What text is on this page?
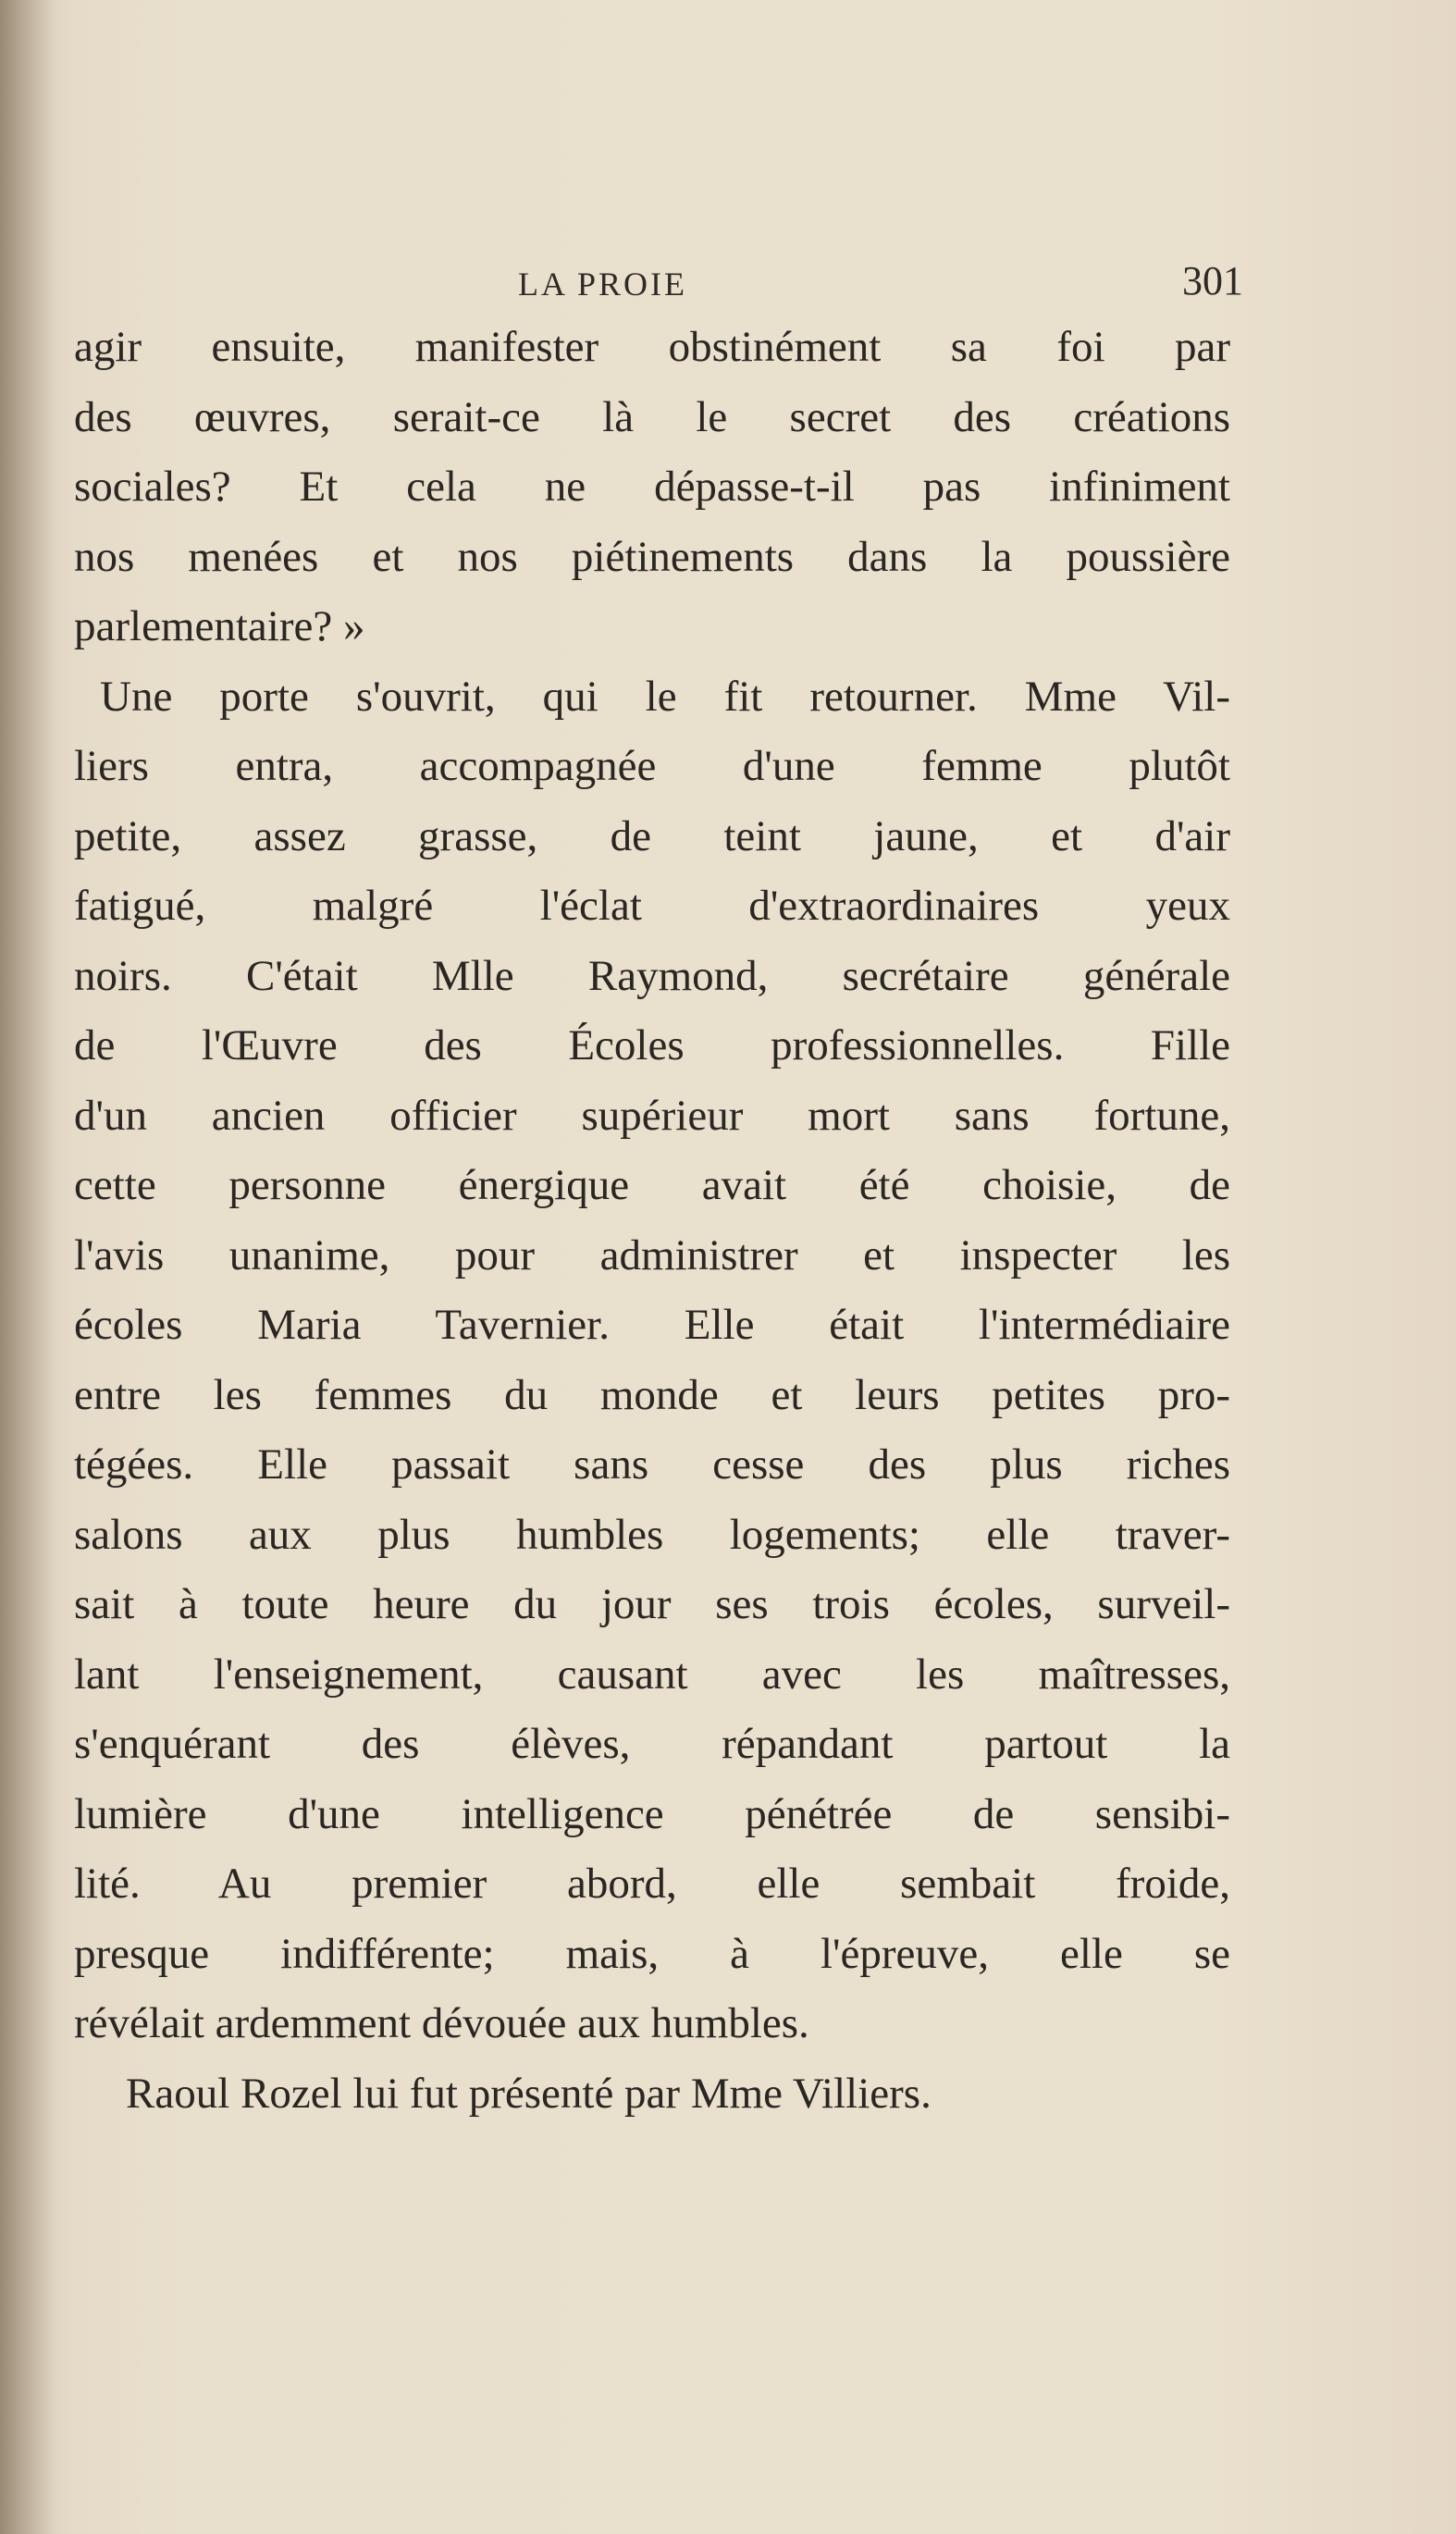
LA PROIE	301
agir ensuite, manifester obstinément sa foi par
des œuvres, serait-ce là le secret des créations
sociales? Et cela ne dépasse-t-il pas infiniment
nos menées et nos piétinements dans la poussière
parlementaire? »
Une porte s'ouvrit, qui le fit retourner. Mme Vil-
liers entra, accompagnée d'une femme plutôt
petite, assez grasse, de teint jaune, et d'air
fatigué, malgré l'éclat d'extraordinaires yeux
noirs. C'était Mlle Raymond, secrétaire générale
de l'Œuvre des Écoles professionnelles. Fille
d'un ancien officier supérieur mort sans fortune,
cette personne énergique avait été choisie, de
l'avis unanime, pour administrer et inspecter les
écoles Maria Tavernier. Elle était l'intermédiaire
entre les femmes du monde et leurs petites pro-
tégées. Elle passait sans cesse des plus riches
salons aux plus humbles logements; elle traver-
sait à toute heure du jour ses trois écoles, surveil-
lant l'enseignement, causant avec les maîtresses,
s'enquérant des élèves, répandant partout la
lumière d'une intelligence pénétrée de sensibi-
lité. Au premier abord, elle sembait froide,
presque indifférente; mais, à l'épreuve, elle se
révélait ardemment dévouée aux humbles.
Raoul Rozel lui fut présenté par Mme Villiers.
